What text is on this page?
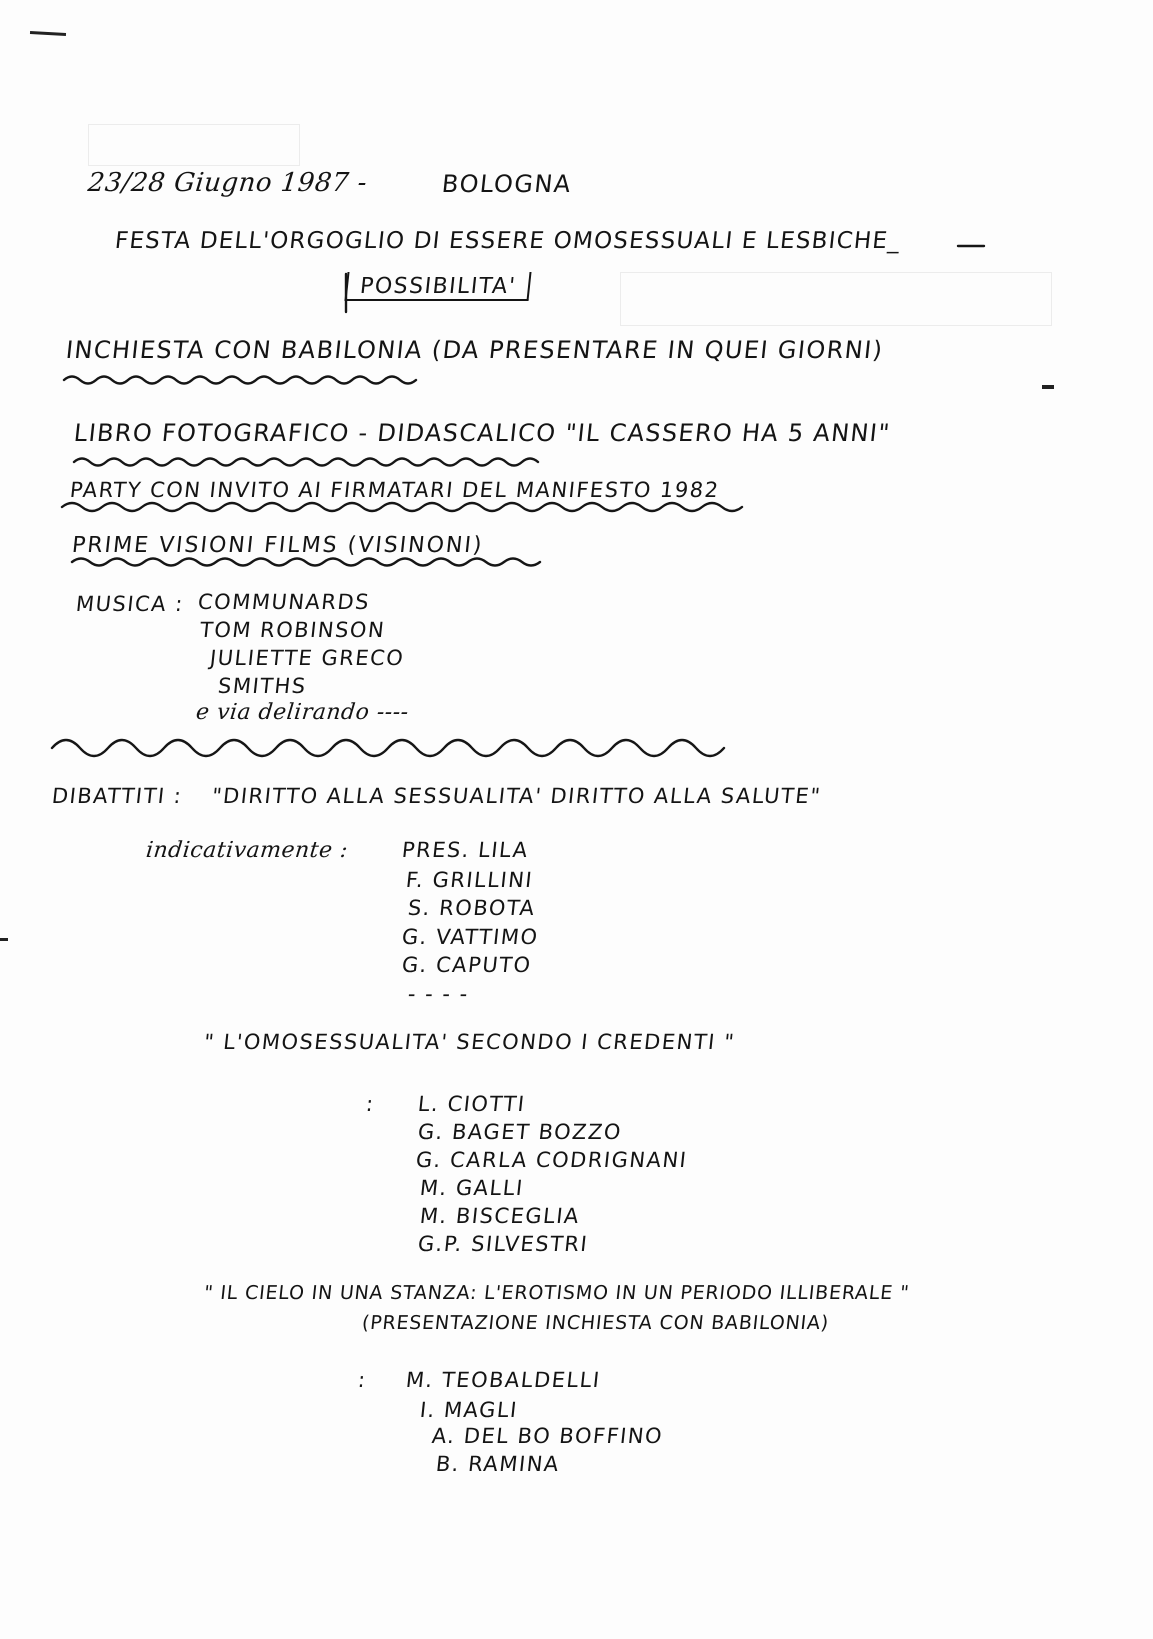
23/28 Giugno 1987 -	BOLOGNA
FESTA DELL'ORGOGLIO DI ESSERE OMOSESSUALI E LESBICHE_
POSSIBILITA'
INCHIESTA CON BABILONIA (DA PRESENTARE IN QUEI GIORNI)
LIBRO FOTOGRAFICO - DIDASCALICO "IL CASSERO HA 5 ANNI"
PARTY CON INVITO AI FIRMATARI DEL MANIFESTO 1982
PRIME VISIONI FILMS (VISINONI)
MUSICA : COMMUNARDS
TOM ROBINSON
JULIETTE GRECO
SMITHS
e via delirando ----
DIBATTITI : "DIRITTO ALLA SESSUALITA' DIRITTO ALLA SALUTE"
indicativamente : PRES. LILA
F. GRILLINI
S. ROBOTA
G. VATTIMO
G. CAPUTO
- - - -
" L'OMOSESSUALITA' SECONDO I CREDENTI "
: L. CIOTTI
G. BAGET BOZZO
G. CARLA CODRIGNANI
M. GALLI
M. BISCEGLIA
G.P. SILVESTRI
" IL CIELO IN UNA STANZA: L'EROTISMO IN UN PERIODO ILLIBERALE "
(PRESENTAZIONE INCHIESTA CON BABILONIA)
: M. TEOBALDELLI
I. MAGLI
A. DEL BO BOFFINO
B. RAMINA
